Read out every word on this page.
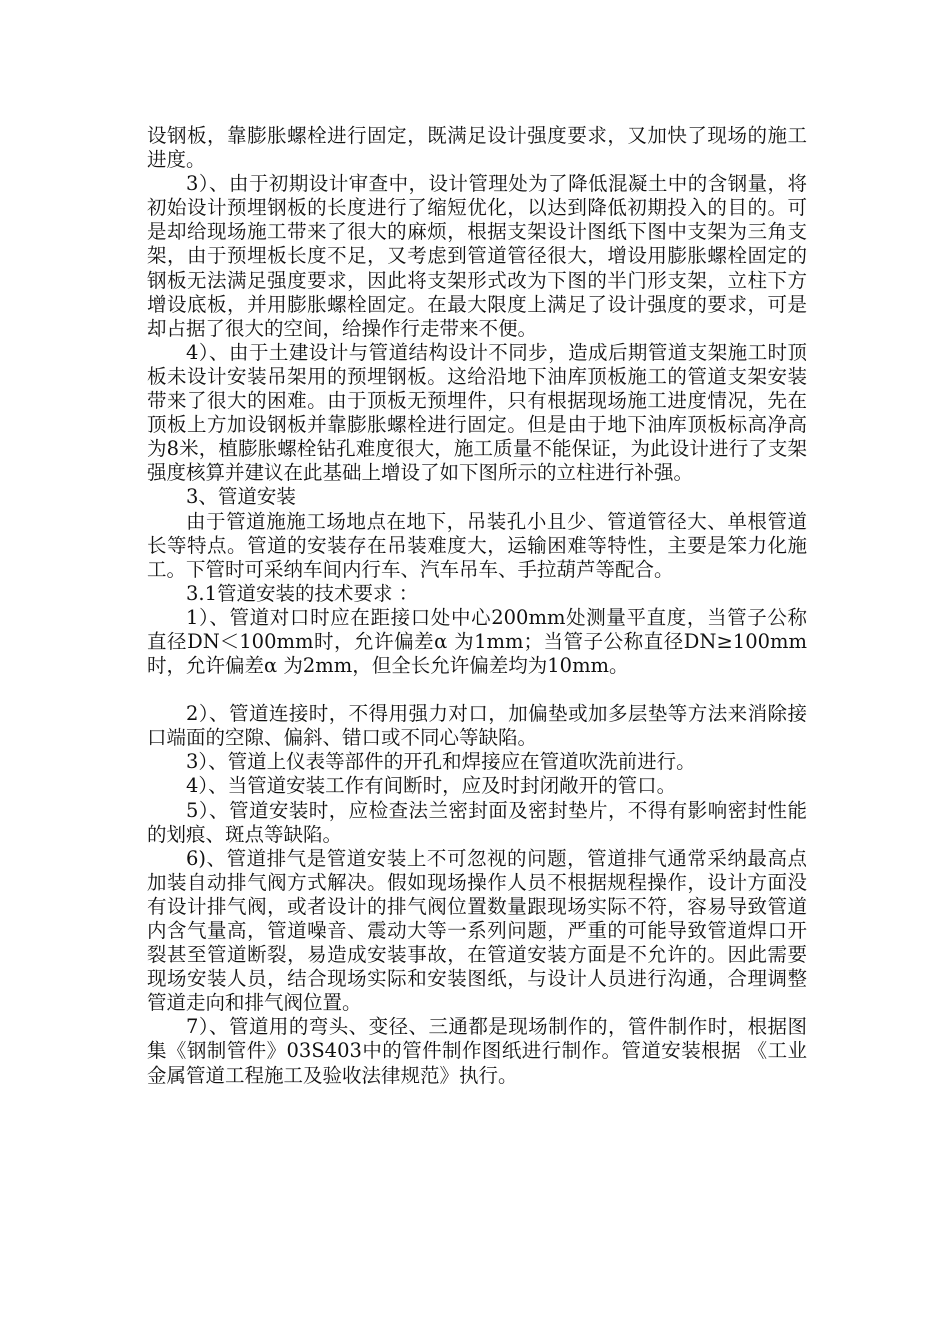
设钢板，靠膨胀螺栓进行固定，既满足设计强度要求，又加快了现场的施工进度。

3）、由于初期设计审查中，设计管理处为了降低混凝土中的含钢量，将初始设计预埋钢板的长度进行了缩短优化，以达到降低初期投入的目的。可是却给现场施工带来了很大的麻烦，根据支架设计图纸下图中支架为三角支架，由于预埋板长度不足，又考虑到管道管径很大，增设用膨胀螺栓固定的钢板无法满足强度要求，因此将支架形式改为下图的半门形支架，立柱下方增设底板，并用膨胀螺栓固定。在最大限度上满足了设计强度的要求，可是却占据了很大的空间，给操作行走带来不便。

4）、由于土建设计与管道结构设计不同步，造成后期管道支架施工时顶板未设计安装吊架用的预埋钢板。这给沿地下油库顶板施工的管道支架安装带来了很大的困难。由于顶板无预埋件，只有根据现场施工进度情况，先在顶板上方加设钢板并靠膨胀螺栓进行固定。但是由于地下油库顶板标高净高为8米，植膨胀螺栓钻孔难度很大，施工质量不能保证，为此设计进行了支架强度核算并建议在此基础上增设了如下图所示的立柱进行补强。

3、管道安装

由于管道施施工场地点在地下，吊装孔小且少、管道管径大、单根管道长等特点。管道的安装存在吊装难度大，运输困难等特性，主要是笨力化施工。下管时可采纳车间内行车、汽车吊车、手拉葫芦等配合。

3.1管道安装的技术要求 ：

1）、管道对口时应在距接口处中心200mm处测量平直度，当管子公称直径DN＜100mm时，允许偏差α 为1mm；当管子公称直径DN≥100mm时，允许偏差α 为2mm，但全长允许偏差均为10mm。

2）、管道连接时，不得用强力对口，加偏垫或加多层垫等方法来消除接口端面的空隙、偏斜、错口或不同心等缺陷。

3）、管道上仪表等部件的开孔和焊接应在管道吹洗前进行。

4）、当管道安装工作有间断时，应及时封闭敞开的管口。

5）、管道安装时，应检查法兰密封面及密封垫片，不得有影响密封性能的划痕、斑点等缺陷。

6)、管道排气是管道安装上不可忽视的问题，管道排气通常采纳最高点加装自动排气阀方式解决。假如现场操作人员不根据规程操作，设计方面没有设计排气阀，或者设计的排气阀位置数量跟现场实际不符，容易导致管道内含气量高，管道噪音、震动大等一系列问题，严重的可能导致管道焊口开裂甚至管道断裂，易造成安装事故，在管道安装方面是不允许的。因此需要现场安装人员，结合现场实际和安装图纸，与设计人员进行沟通，合理调整管道走向和排气阀位置。

7）、管道用的弯头、变径、三通都是现场制作的，管件制作时，根据图集《钢制管件》03S403中的管件制作图纸进行制作。管道安装根据 《工业金属管道工程施工及验收法律规范》执行。
